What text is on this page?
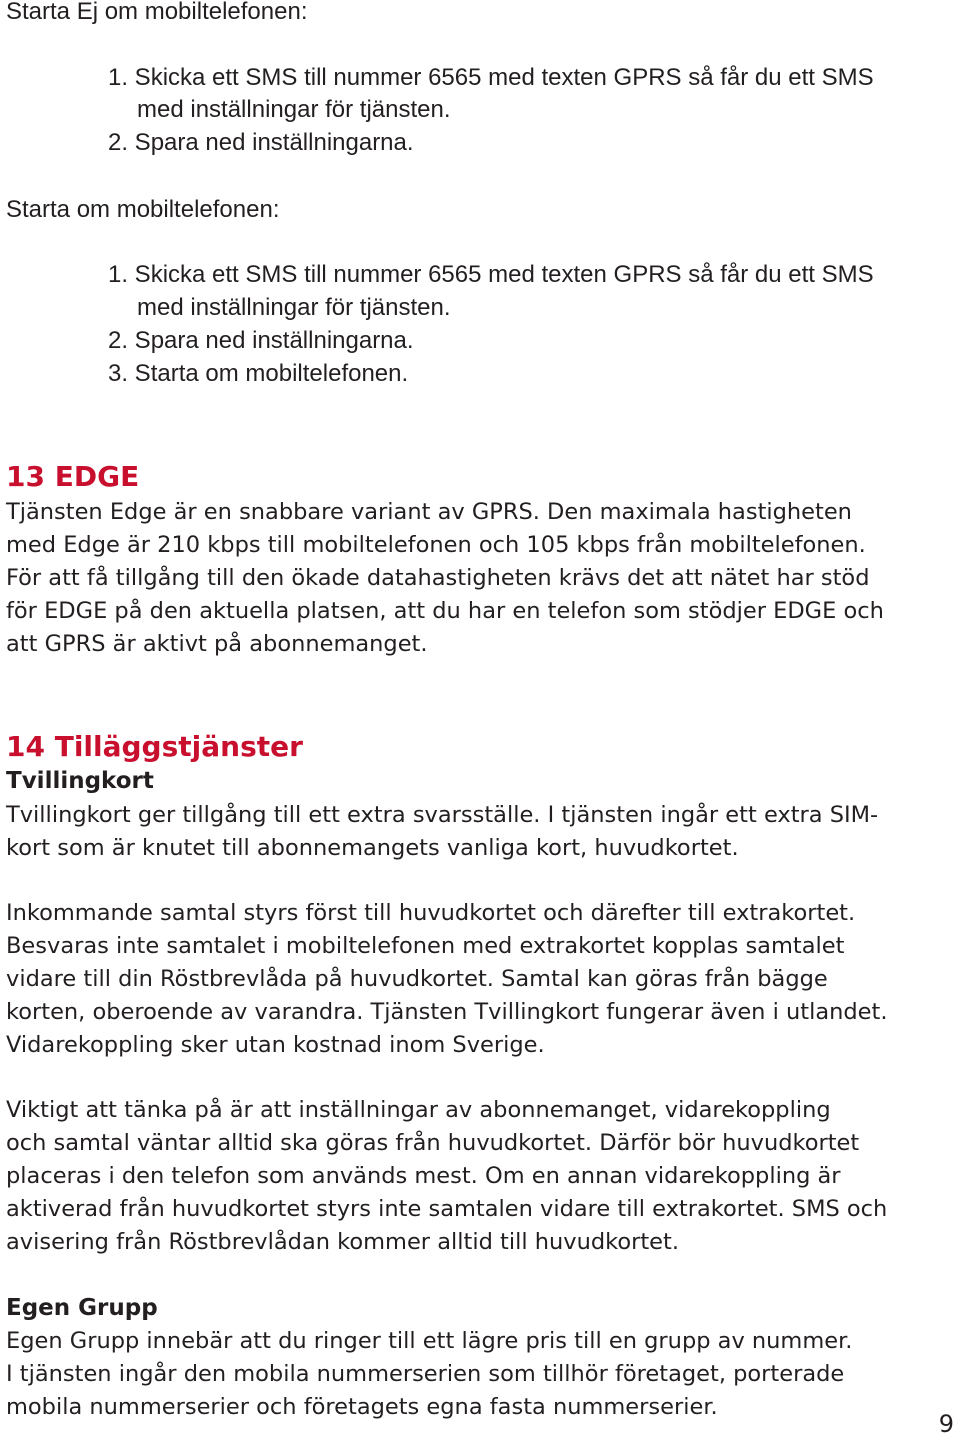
Starta Ej om mobiltelefonen:
1. Skicka ett SMS till nummer 6565 med texten GPRS så får du ett SMS
med inställningar för tjänsten.
2. Spara ned inställningarna.
Starta om mobiltelefonen:
1. Skicka ett SMS till nummer 6565 med texten GPRS så får du ett SMS
med inställningar för tjänsten.
2. Spara ned inställningarna.
3. Starta om mobiltelefonen.
13 EDGE
Tjänsten Edge är en snabbare variant av GPRS. Den maximala hastigheten
med Edge är 210 kbps till mobiltelefonen och 105 kbps från mobiltelefonen.
För att få tillgång till den ökade datahastigheten krävs det att nätet har stöd
för EDGE på den aktuella platsen, att du har en telefon som stödjer EDGE och
att GPRS är aktivt på abonnemanget.
14 Tilläggstjänster
Tvillingkort
Tvillingkort ger tillgång till ett extra svarsställe. I tjänsten ingår ett extra SIM-
kort som är knutet till abonnemangets vanliga kort, huvudkortet.
Inkommande samtal styrs först till huvudkortet och därefter till extrakortet.
Besvaras inte samtalet i mobiltelefonen med extrakortet kopplas samtalet
vidare till din Röstbrevlåda på huvudkortet. Samtal kan göras från bägge
korten, oberoende av varandra. Tjänsten Tvillingkort fungerar även i utlandet.
Vidarekoppling sker utan kostnad inom Sverige.
Viktigt att tänka på är att inställningar av abonnemanget, vidarekoppling
och samtal väntar alltid ska göras från huvudkortet. Därför bör huvudkortet
placeras i den telefon som används mest. Om en annan vidarekoppling är
aktiverad från huvudkortet styrs inte samtalen vidare till extrakortet. SMS och
avisering från Röstbrevlådan kommer alltid till huvudkortet.
Egen Grupp
Egen Grupp innebär att du ringer till ett lägre pris till en grupp av nummer.
I tjänsten ingår den mobila nummerserien som tillhör företaget, porterade
mobila nummerserier och företagets egna fasta nummerserier.
9
